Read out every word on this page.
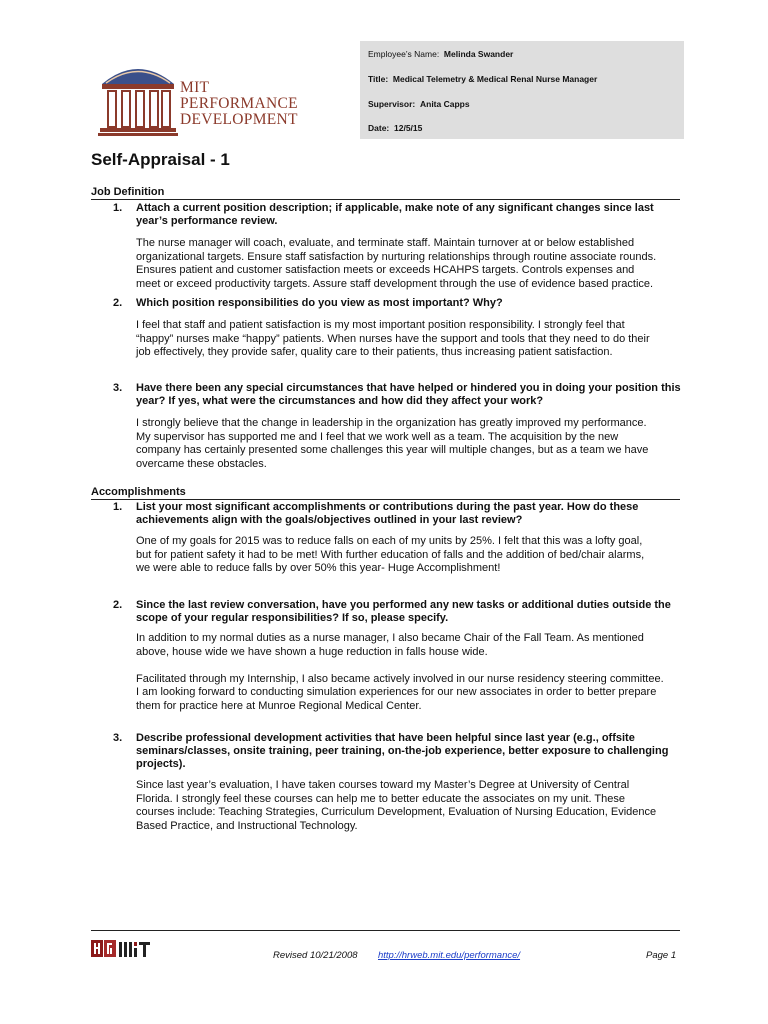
MIT
PERFORMANCE
DEVELOPMENT
Employee’s Name: Melinda Swander
Title: Medical Telemetry & Medical Renal Nurse Manager
Supervisor: Anita Capps
Date: 12/5/15
Self-Appraisal - 1
Job Definition
1. Attach a current position description; if applicable, make note of any significant changes since last year’s performance review.

The nurse manager will coach, evaluate, and terminate staff. Maintain turnover at or below established

organizational targets. Ensure staff satisfaction by nurturing relationships through routine associate rounds.

Ensures patient and customer satisfaction meets or exceeds HCAHPS targets. Controls expenses and

meet or exceed productivity targets. Assure staff development through the use of evidence based practice.

2. Which position responsibilities do you view as most important? Why?

I feel that staff and patient satisfaction is my most important position responsibility. I strongly feel that

“happy” nurses make “happy” patients. When nurses have the support and tools that they need to do their

job effectively, they provide safer, quality care to their patients, thus increasing patient satisfaction.

3. Have there been any special circumstances that have helped or hindered you in doing your position this year? If yes, what were the circumstances and how did they affect your work?

I strongly believe that the change in leadership in the organization has greatly improved my performance.

My supervisor has supported me and I feel that we work well as a team. The acquisition by the new

company has certainly presented some challenges this year will multiple changes, but as a team we have

overcame these obstacles.

Accomplishments
1. List your most significant accomplishments or contributions during the past year. How do these achievements align with the goals/objectives outlined in your last review?

One of my goals for 2015 was to reduce falls on each of my units by 25%. I felt that this was a lofty goal,

but for patient safety it had to be met! With further education of falls and the addition of bed/chair alarms,

we were able to reduce falls by over 50% this year- Huge Accomplishment!

2. Since the last review conversation, have you performed any new tasks or additional duties outside the scope of your regular responsibilities? If so, please specify.

In addition to my normal duties as a nurse manager, I also became Chair of the Fall Team. As mentioned

above, house wide we have shown a huge reduction in falls house wide.

Facilitated through my Internship, I also became actively involved in our nurse residency steering committee.

I am looking forward to conducting simulation experiences for our new associates in order to better prepare

them for practice here at Munroe Regional Medical Center.

3. Describe professional development activities that have been helpful since last year (e.g., offsite seminars/classes, onsite training, peer training, on-the-job experience, better exposure to challenging projects).

Since last year’s evaluation, I have taken courses toward my Master’s Degree at University of Central

Florida. I strongly feel these courses can help me to better educate the associates on my unit. These

courses include: Teaching Strategies, Curriculum Development, Evaluation of Nursing Education, Evidence

Based Practice, and Instructional Technology.

Revised 10/21/2008 http://hrweb.mit.edu/performance/	Page 1
